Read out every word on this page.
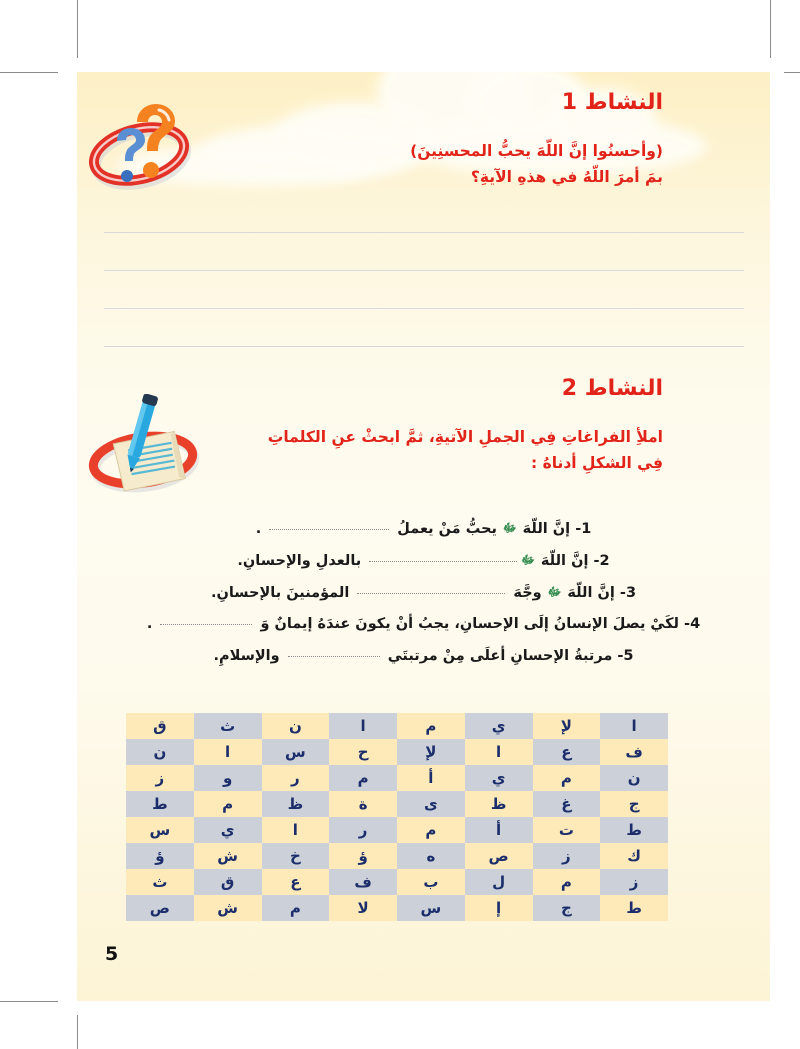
النشاط 1
(وأحسنُوا إنَّ اللّهَ يحبُّ المحسنِينَ)
بمَ أمرَ اللّهُ في هذهِ الآيةِ؟
النشاط 2
املأِ الفراغاتِ فِي الجملِ الآتيةِ، ثمَّ ابحثْ عنِ الكلماتِ
فِي الشكلِ أدناهُ :
1- إنَّ اللّهَ ﷻ يحبُّ مَنْ يعملُ  .
2- إنَّ اللّهَ ﷻ بالعدلِ والإحسانِ.
3- إنَّ اللّهَ ﷻ وجَّهَ  المؤمنينَ بالإحسانِ.
4- لكَيْ يصلَ الإنسانُ إلَى الإحسانِ، يجبُ أنْ يكونَ عندَهُ إيمانٌ وَ  .
5- مرتبةُ الإحسانِ أعلَى مِنْ مرتبتَي  والإسلامِ.
ا	لإ	ي	م	ا	ن	ث	ق
ف	ع	ا	لإ	ح	س	ا	ن
ن	م	ي	أ	م	ر	و	ز
ج	غ	ظ	ى	ة	ظ	م	ط
ط	ت	أ	م	ر	ا	ي	س
ك	ز	ص	ه	ؤ	خ	ش	ؤ
ز	م	ل	ب	ف	ع	ق	ث
ط	ج	إ	س	لا	م	ش	ص
5
